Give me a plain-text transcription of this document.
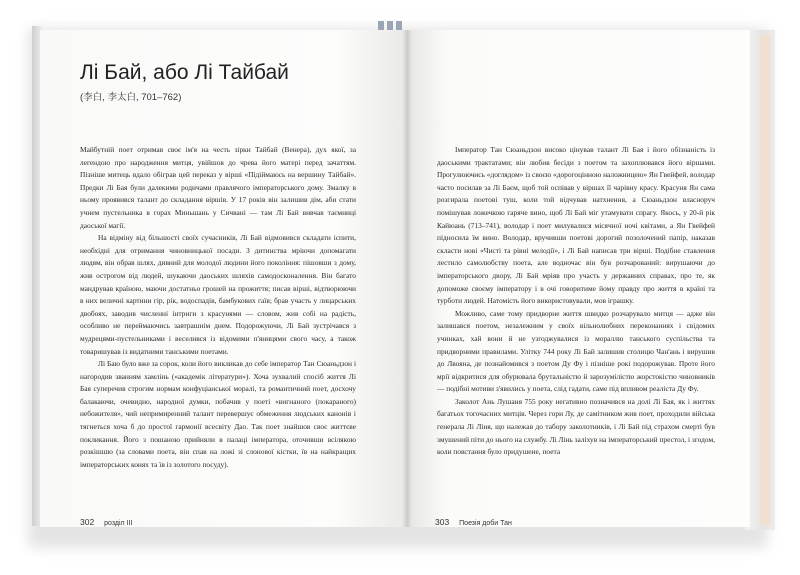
Лі Бай, або Лі Тайбай
(李白, 李太白, 701–762)

Майбутній поет отримав своє ім'я на честь зірки Тайбай (Венера), дух якої, за легендою про народження митця, увійшов до чрева його матері перед зачаттям. Пізніше митець вдало обіграв цей переказ у вірші «Підіймаюсь на вершину Тайбай». Предки Лі Бая були далекими родичами правлячого імператорського дому. Змалку в ньому проявився талант до складання віршів. У 17 років він залишив дім, аби стати учнем пустельника в горах Миньшань у Сичвані — там Лі Бай вивчав таємниці даоської магії.

На відміну від більшості своїх сучасників, Лі Бай відмовився складати іспити, необхідні для отримання чиновницької посади. З дитинства мріючи допомагати людям, він обрав шлях, дивний для молодої людини його покоління: пішовши з дому, жив острогом від людей, шукаючи даоських шляхів самодосконалення. Він багато мандрував країною, маючи достатньо грошей на прожиття; писав вірші, відтворюючи в них величні картини гір, рік, водоспадів, бамбукових гаїв; брав участь у лицарських двобоях, заводив численні інтриги з красунями — словом, жив собі на радість, особливо не переймаючись завтрашнім днем. Подорожуючи, Лі Бай зустрічався з мудрецями-пустельниками і веселився із відомими п'яницями свого часу, а також товаришував із видатними танськими поетами.

Лі Баю було вже за сорок, коли його викликав до себе імператор Тан Сюаньдзон і нагородив званням хамлінь («академік літератури»). Хоча зухвалий спосіб життя Лі Бая суперечив строгим нормам конфуціанської моралі, та романтичний поет, досхочу балакаючи, очевидно, народної думки, побачив у поеті «вигнаного (покараного) небожителя», чий непримиренний талант перевершує обмеження людських канонів і тягнеться хоча б до простої гармонії всесвіту Дао. Так поет знайшов своє життєве покликання. Його з пошаною прийняли в палаці імператора, оточивши всілякою розкішшю (за словами поета, він спав на ложі зі слонової кістки, їв на найкращих імператорських конях та їв із золотого посуду).

302 розділ III

Імператор Тан Сюаньдзон високо цінував талант Лі Бая і його обізнаність із даоськими трактатами; він любив бесіди з поетом та захоплювався його віршами. Прогулюючись «доглядом» із своєю «дорогоцінною наложницею» Ян Гвейфей, володар часто посилав за Лі Баєм, щоб той оспівав у віршах її чарівну красу. Красуня Ян сама розгирала поетові туш, коли той відчував натхнення, а Сюаньдзон власноруч помішував ложечкою гаряче вино, щоб Лі Бай міг утамувати спрагу. Якось, у 20-й рік Кайюань (713–741), володар і поет милувалися місячної ночі квітами, а Ян Гвейфей підносила їм вино. Володар, вручивши поетові дорогий позолочений папір, наказав скласти нові «Чисті та рівні мелодії», і Лі Бай написав три вірші. Подібне ставлення лестило самолюбству поета, але водночас він був розчарований: вирушаючи до імператорського двору, Лі Бай мріяв про участь у державних справах, про те, як допоможе своєму імператору і в очі говоритиме йому правду про життя в країні та турботи людей. Натомість його використовували, мов іграшку.

Можливо, саме тому придворне життя швидко розчарувало митця — адже він залишався поетом, незалежним у своїх вільнолюбних переконаннях і свідомих учинках, хай вони й не узгоджувалися із мораллю танського суспільства та придворними правилами. Улітку 744 року Лі Бай залишив столицю Чан'ань і вирушив до Лвояна, де познайомився з поетом Ду Фу і пізніше рокі подорожував. Проте його мрії відкритися для обурювала брутальністю й зарозумілістю жорстокістю чиновників — подібні мотиви з'явились у поета, слід гадати, саме під впливом реаліста Ду Фу.

Заколот Ань Лушаня 755 року негативно позначився на долі Лі Бая, як і життях багатьох тогочасних митців. Через гори Лу, де самітником жив поет, проходили війська генерала Лі Ліня, що належав до табору заколотників, і Лі Бай під страхом смерті був змушений піти до нього на службу. Лі Лінь заліхув на імператорський престол, і згодом, коли повстання було придушене, поета

303 Поезія доби Тан
